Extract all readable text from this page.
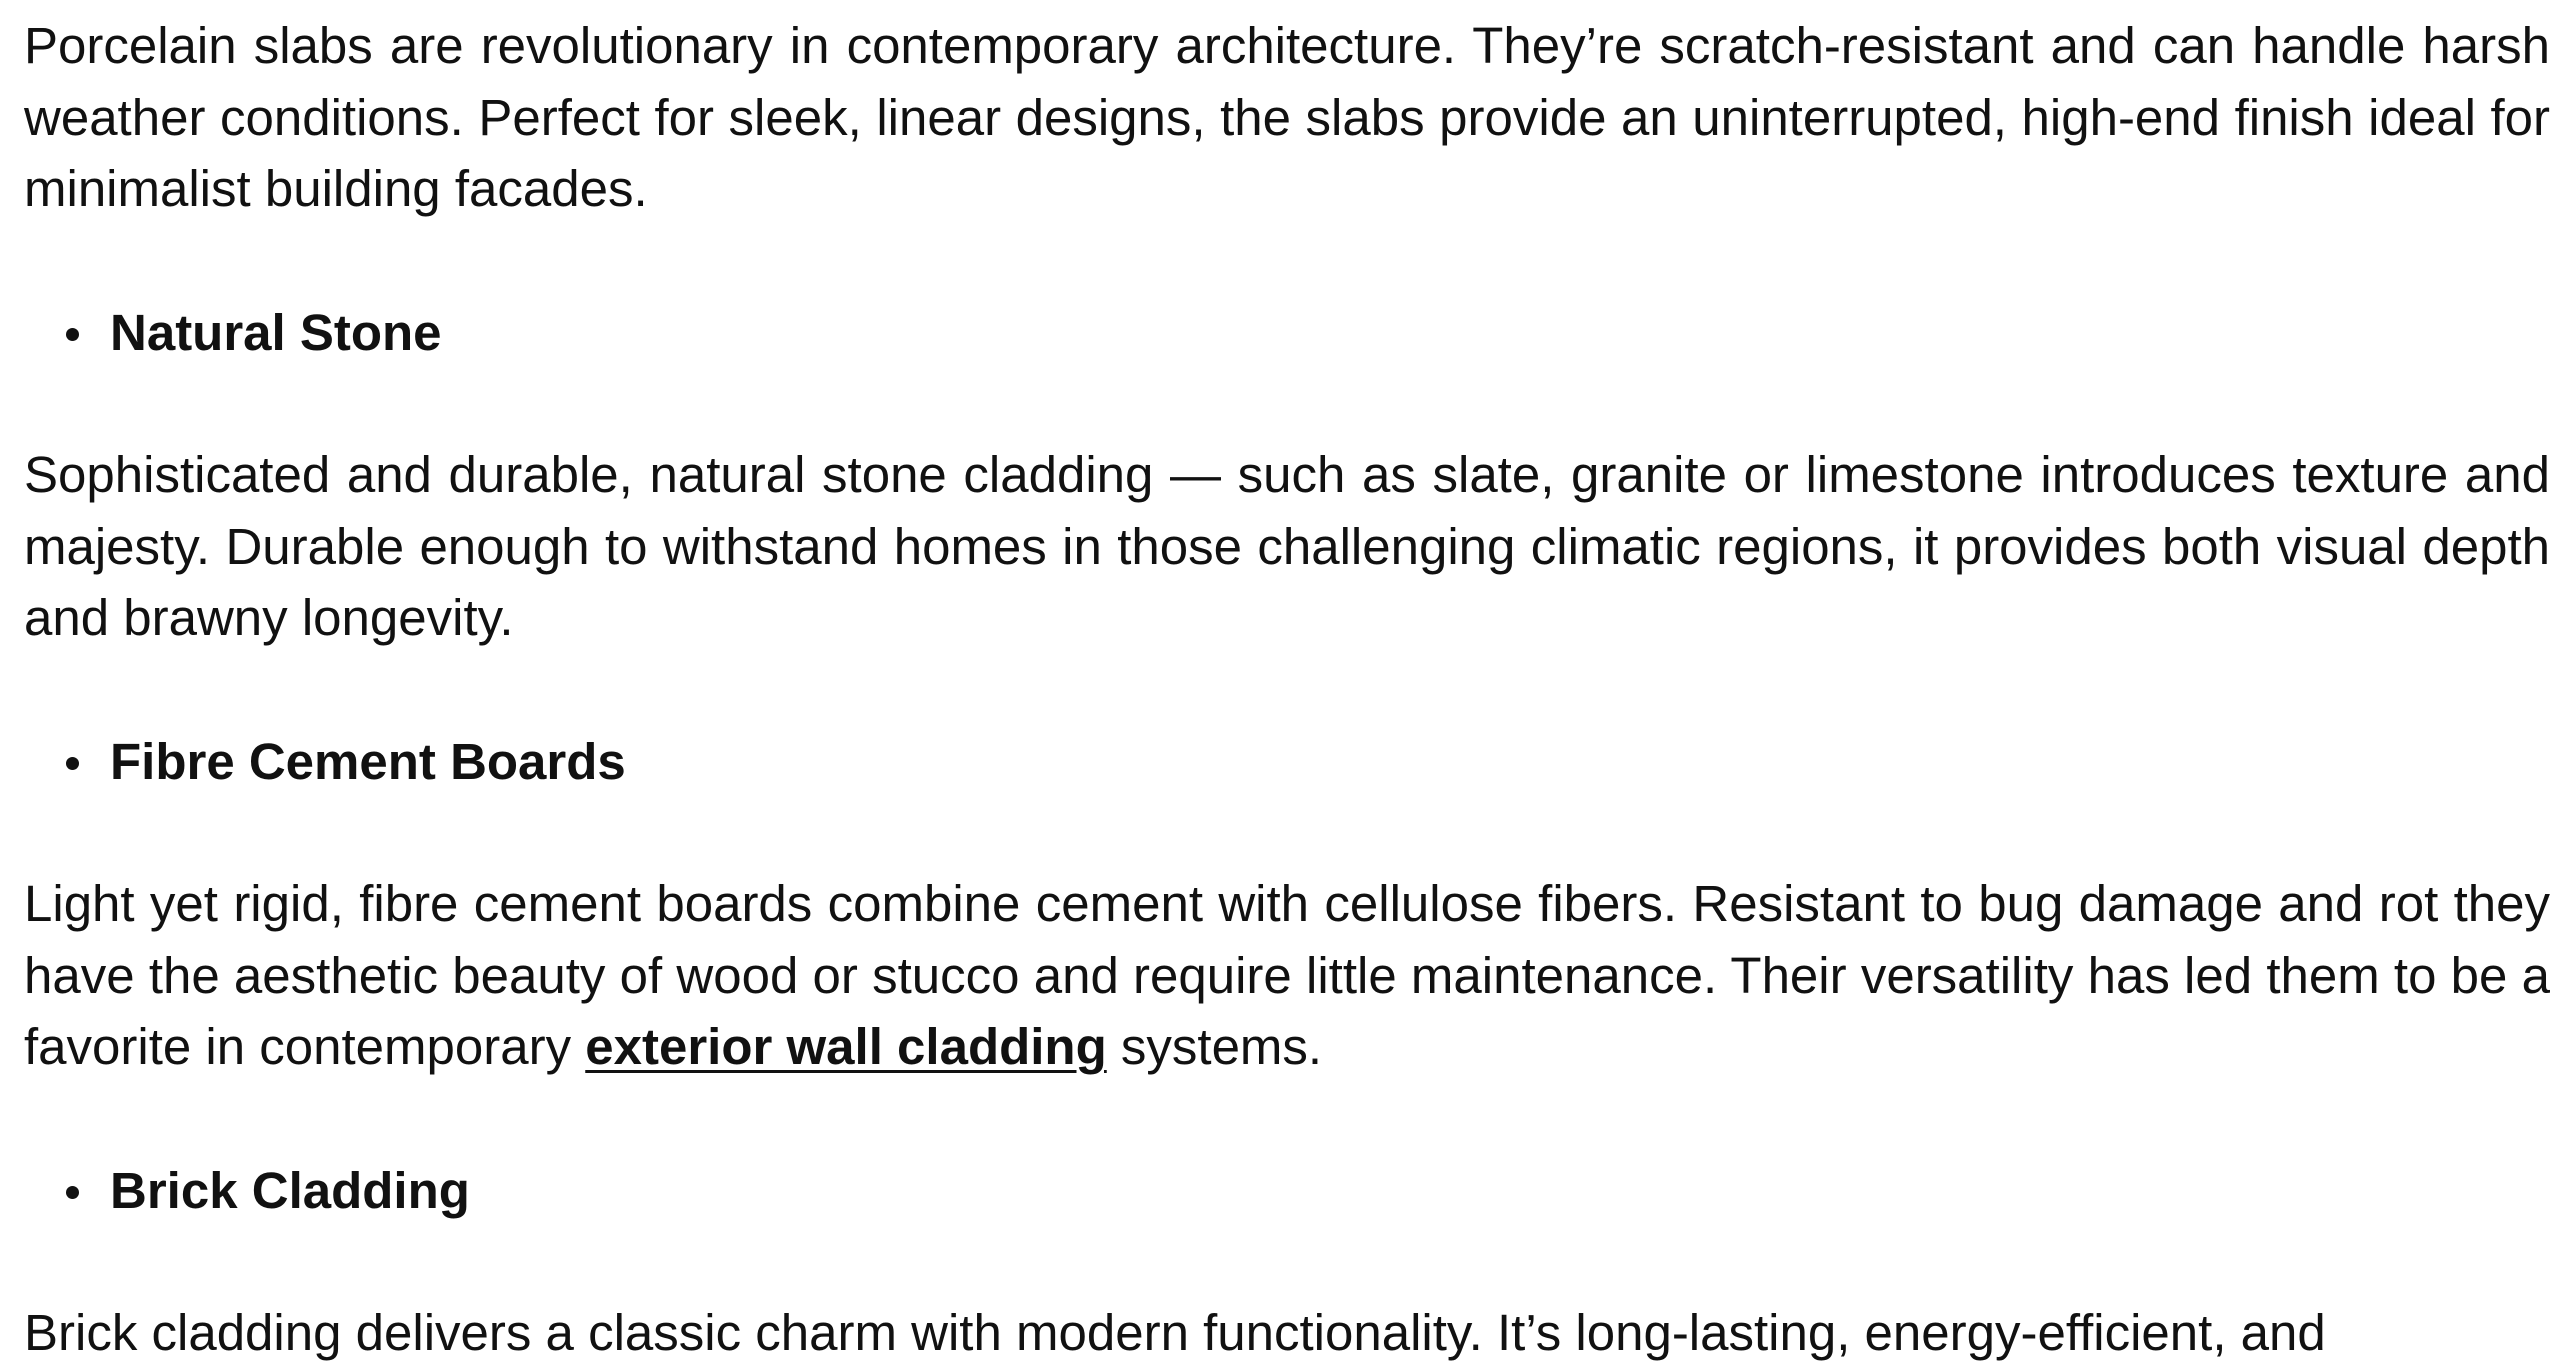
Porcelain slabs are revolutionary in contemporary architecture. They’re scratch-resistant and can handle harsh weather conditions. Perfect for sleek, linear designs, the slabs provide an uninterrupted, high-end finish ideal for minimalist building facades.

Natural Stone

Sophisticated and durable, natural stone cladding — such as slate, granite or limestone introduces texture and majesty. Durable enough to withstand homes in those challenging climatic regions, it provides both visual depth and brawny longevity.

Fibre Cement Boards

Light yet rigid, fibre cement boards combine cement with cellulose fibers. Resistant to bug damage and rot they have the aesthetic beauty of wood or stucco and require little maintenance. Their versatility has led them to be a favorite in contemporary exterior wall cladding systems.

Brick Cladding

Brick cladding delivers a classic charm with modern functionality. It’s long-lasting, energy-efficient, and
